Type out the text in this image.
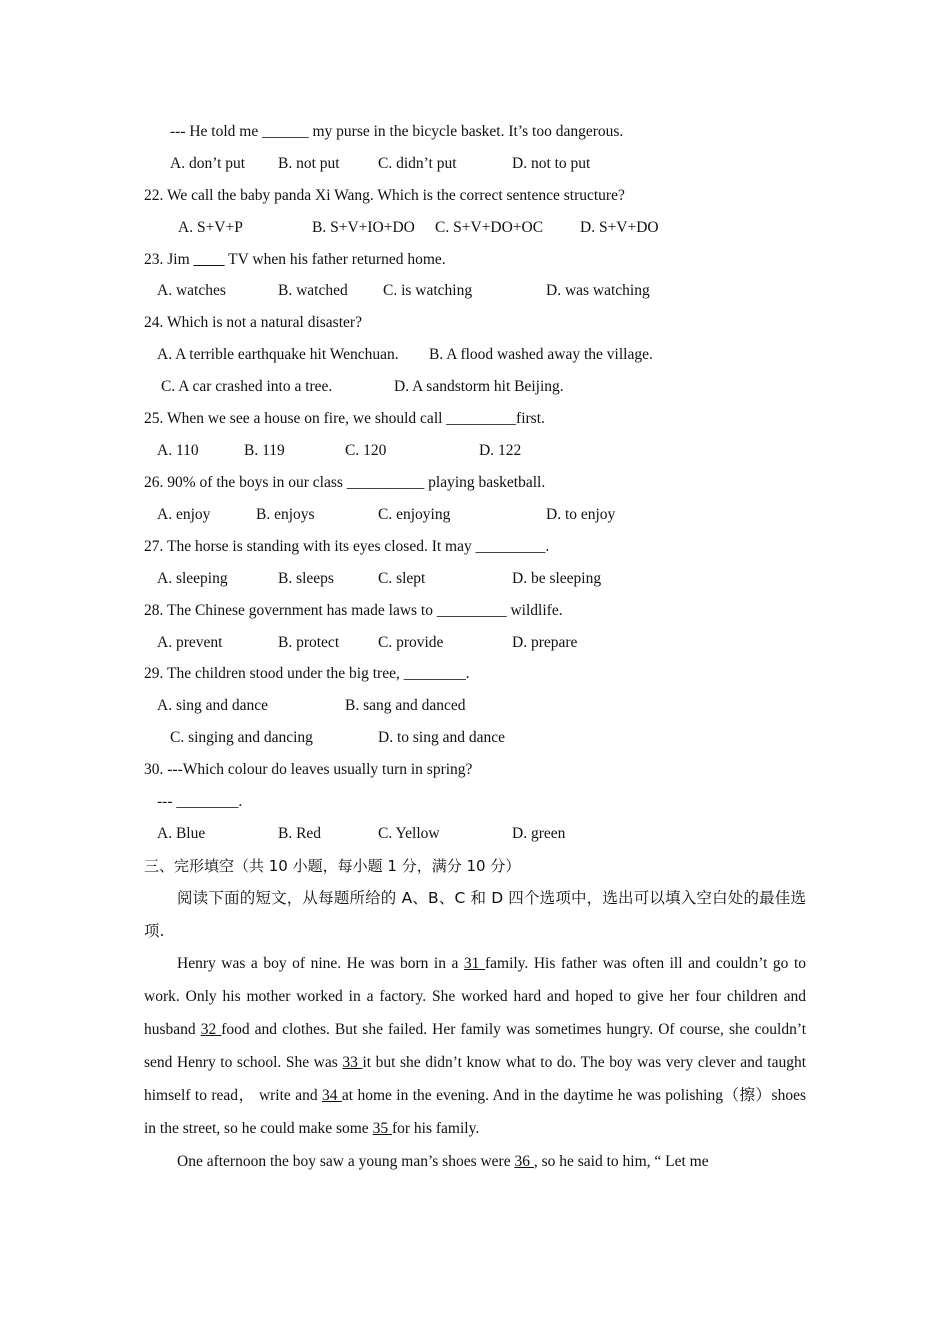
--- He told me ______ my purse in the bicycle basket. It’s too dangerous.
A. don’t put B. not put C. didn’t put	D. not to put
22. We call the baby panda Xi Wang. Which is the correct sentence structure?
A. S+V+P	B. S+V+IO+DO C. S+V+DO+OC D. S+V+DO
23. Jim ____ TV when his father returned home.
A. watches	B. watched C. is watching	D. was watching
24. Which is not a natural disaster?
A. A terrible earthquake hit Wenchuan. B. A flood washed away the village.
C. A car crashed into a tree.	D. A sandstorm hit Beijing.
25. When we see a house on fire, we should call _________first.
A. 110	B. 119	C. 120	D. 122
26. 90% of the boys in our class __________ playing basketball.
A. enjoy	B. enjoys	C. enjoying	D. to enjoy
27. The horse is standing with its eyes closed. It may _________.
A. sleeping	B. sleeps	C. slept	D. be sleeping
28. The Chinese government has made laws to _________ wildlife.
A. prevent	B. protect	C. provide	D. prepare
29. The children stood under the big tree, ________.
A. sing and dance	B. sang and danced
C. singing and dancing	D. to sing and dance
30. ---Which colour do leaves usually turn in spring?
--- ________.
A. Blue	B. Red	C. Yellow	D. green
三、完形填空（共 10 小题，每小题 1 分，满分 10 分）

阅读下面的短文，从每题所给的 A、B、C 和 D 四个选项中，选出可以填入空白处的最佳选项.

Henry was a boy of nine. He was born in a 31 family. His father was often ill and couldn’t go to work. Only his mother worked in a factory. She worked hard and hoped to give her four children and husband 32 food and clothes. But she failed. Her family was sometimes hungry. Of course, she couldn’t send Henry to school. She was 33 it but she didn’t know what to do. The boy was very clever and taught himself to read， write and 34 at home in the evening. And in the daytime he was polishing（擦）shoes in the street, so he could make some 35 for his family.

One afternoon the boy saw a young man’s shoes were 36 , so he said to him, “ Let me
